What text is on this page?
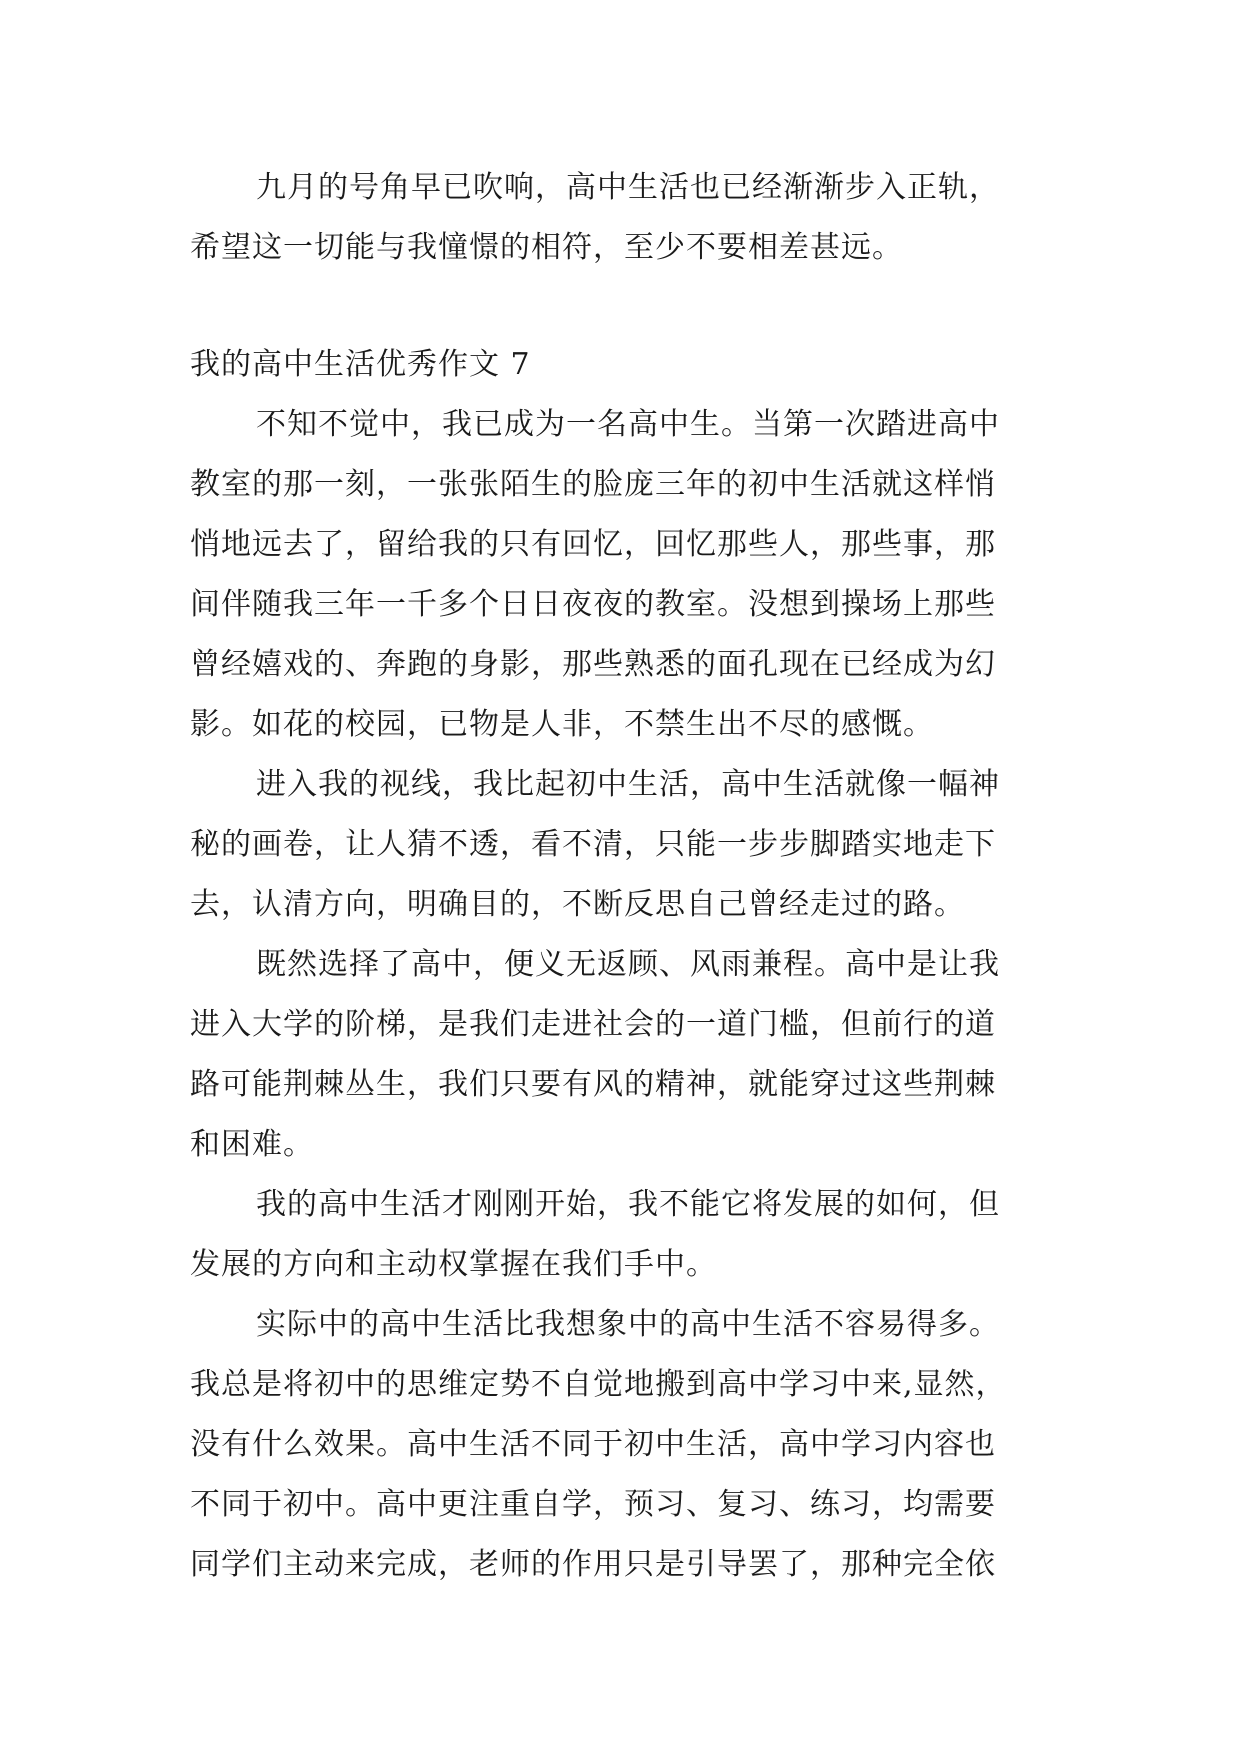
九月的号角早已吹响，高中生活也已经渐渐步入正轨，
希望这一切能与我憧憬的相符，至少不要相差甚远。
我的高中生活优秀作文 7
不知不觉中，我已成为一名高中生。当第一次踏进高中
教室的那一刻，一张张陌生的脸庞三年的初中生活就这样悄
悄地远去了，留给我的只有回忆，回忆那些人，那些事，那
间伴随我三年一千多个日日夜夜的教室。没想到操场上那些
曾经嬉戏的、奔跑的身影，那些熟悉的面孔现在已经成为幻
影。如花的校园，已物是人非，不禁生出不尽的感慨。
进入我的视线，我比起初中生活，高中生活就像一幅神
秘的画卷，让人猜不透，看不清，只能一步步脚踏实地走下
去，认清方向，明确目的，不断反思自己曾经走过的路。
既然选择了高中，便义无返顾、风雨兼程。高中是让我
进入大学的阶梯，是我们走进社会的一道门槛，但前行的道
路可能荆棘丛生，我们只要有风的精神，就能穿过这些荆棘
和困难。
我的高中生活才刚刚开始，我不能它将发展的如何，但
发展的方向和主动权掌握在我们手中。
实际中的高中生活比我想象中的高中生活不容易得多。
我总是将初中的思维定势不自觉地搬到高中学习中来,显然，
没有什么效果。高中生活不同于初中生活，高中学习内容也
不同于初中。高中更注重自学，预习、复习、练习，均需要
同学们主动来完成，老师的作用只是引导罢了，那种完全依
